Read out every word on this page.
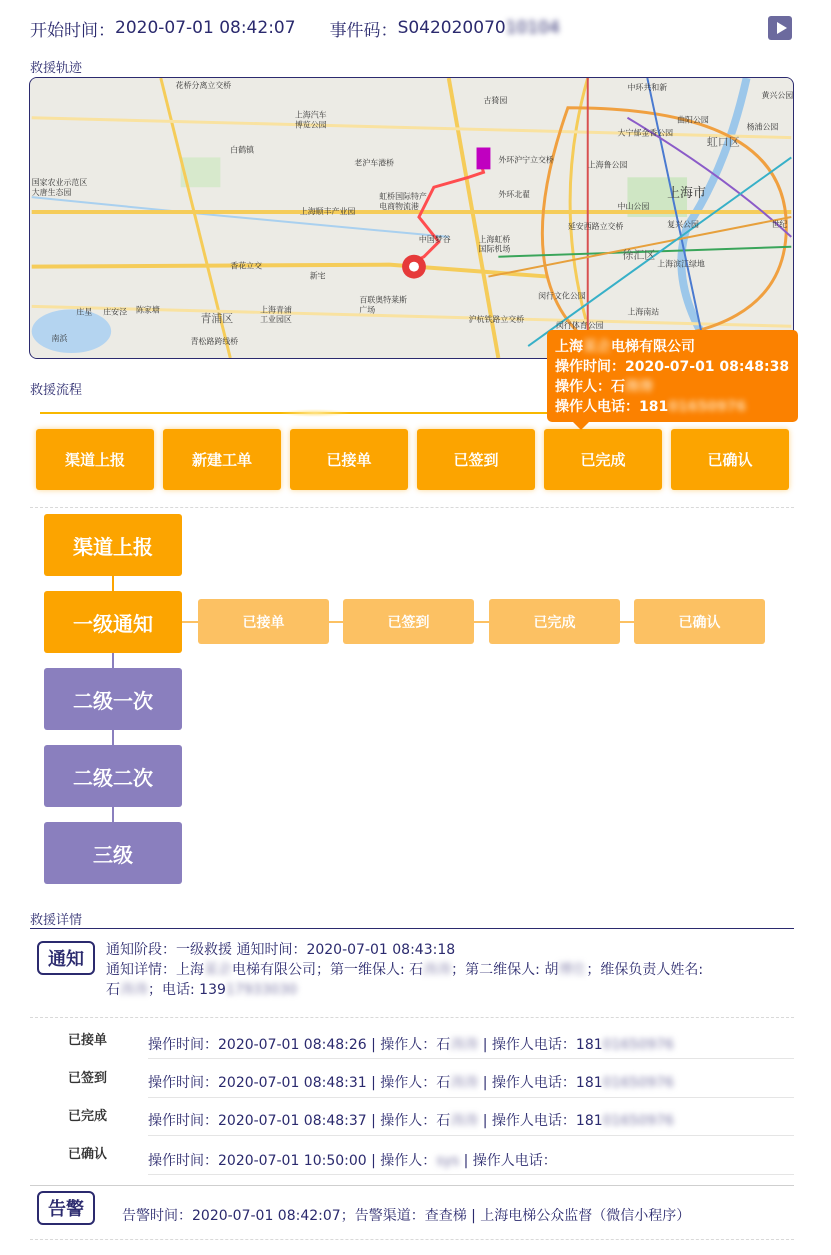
开始时间： 2020-07-01 08:42:07 事件码： S042020070 10104
救援轨迹
花桥分离立交桥
上海汽车
博览公园
古猗园
中环共和新
黄兴公园
曲阳公园
杨浦公园
大宁郁金香公园
虹口区
白鹤镇
老沪车港桥	外环沪宁立交桥
上海鲁公园
外环北翟	上海市
国家农业示范区
大唐生态园	虹桥国际特产
电商物流港
上海顺丰产业园
中山公园
延安西路立交桥	复兴公园
中国梦谷	上海虹桥
国际机场	徐汇区
香花立交
新宅
世纪
百联奥特莱斯
广场
闵行文化公园
上海滨江绿地
庄星 庄安泾 陈家塘
青浦区
上海青浦
工业园区
上海南站
沪杭铁路立交桥
青松路跨线桥
闵行体育公园
南浜
救援流程
渠道上报	新建工单	已接单	已签到	已完成	已确认
上海某企电梯有限公司
操作时间：2020-07-01 08:48:38
操作人：石涛涛
操作人电话：18101650976
渠道上报
一级通知
二级一次
二级二次
三级
已接单	已签到	已完成	已确认
救援详情
通知	通知阶段：一级救援 通知时间：2020-07-01 08:43:18
通知详情：上海某企电梯有限公司；第一维保人: 石涛涛；第二维保人: 胡博仕；维保负责人姓名:
石涛涛；电话: 13917933030
已接单	操作时间：2020-07-01 08:48:26 | 操作人：石涛涛 | 操作人电话：18101650976
已签到	操作时间：2020-07-01 08:48:31 | 操作人：石涛涛 | 操作人电话：18101650976
已完成	操作时间：2020-07-01 08:48:37 | 操作人：石涛涛 | 操作人电话：18101650976
已确认	操作时间：2020-07-01 10:50:00 | 操作人：sys | 操作人电话：
告警	告警时间：2020-07-01 08:42:07；告警渠道：查查梯 | 上海电梯公众监督（微信小程序）
